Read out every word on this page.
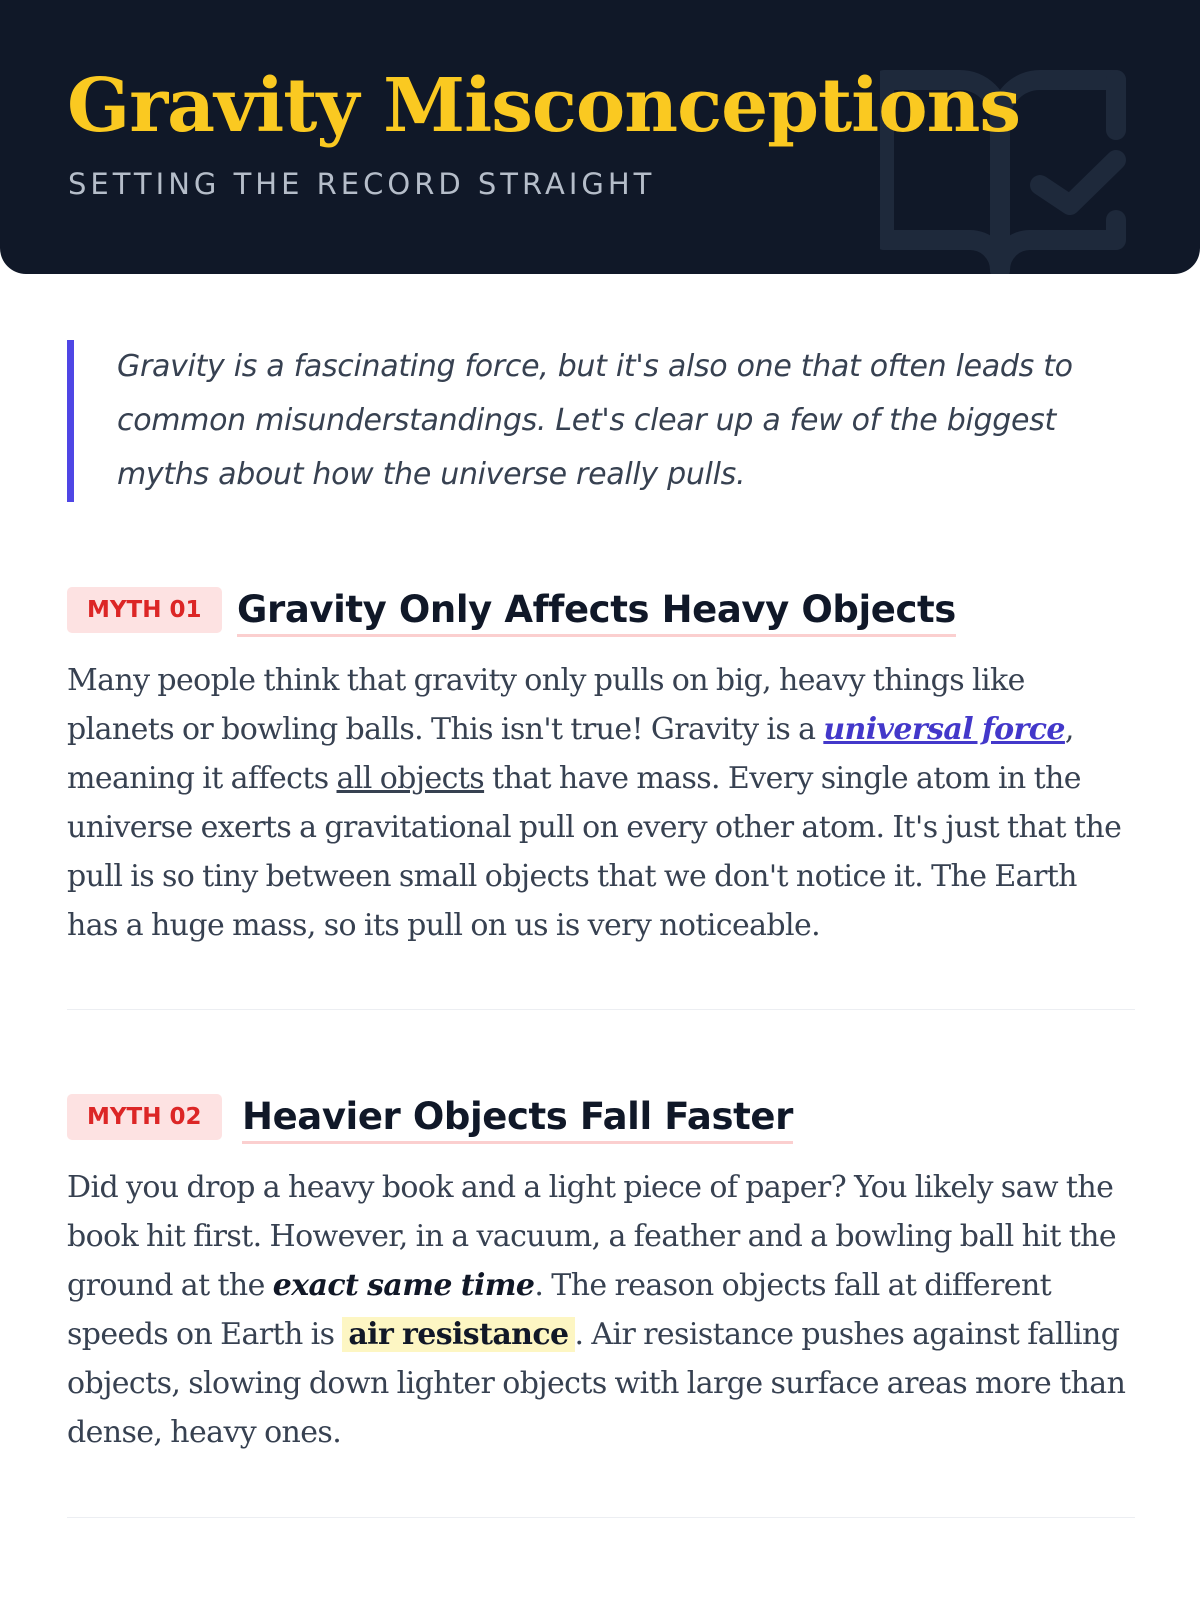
Gravity Misconceptions
SETTING THE RECORD STRAIGHT
Gravity is a fascinating force, but it's also one that often leads to common misunderstandings. Let's clear up a few of the biggest myths about how the universe really pulls.
MYTH 01 Gravity Only Affects Heavy Objects

Many people think that gravity only pulls on big, heavy things like planets or bowling balls. This isn't true! Gravity is a universal force, meaning it affects all objects that have mass. Every single atom in the universe exerts a gravitational pull on every other atom. It's just that the pull is so tiny between small objects that we don't notice it. The Earth has a huge mass, so its pull on us is very noticeable.

MYTH 02	Heavier Objects Fall Faster

Did you drop a heavy book and a light piece of paper? You likely saw the book hit first. However, in a vacuum, a feather and a bowling ball hit the ground at the exact same time. The reason objects fall at different speeds on Earth is air resistance . Air resistance pushes against falling objects, slowing down lighter objects with large surface areas more than dense, heavy ones.
